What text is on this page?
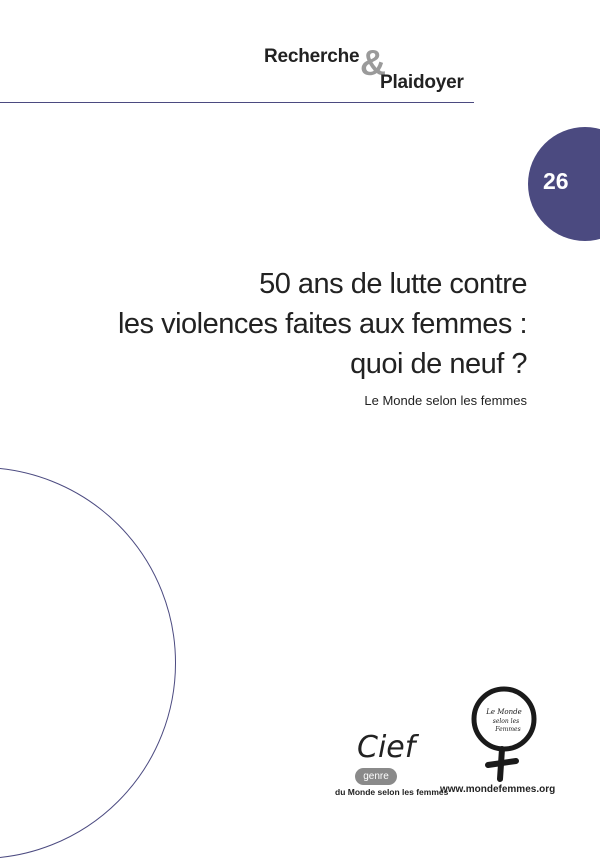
Recherche &
Plaidoyer
26
50 ans de lutte contre
les violences faites aux femmes :
quoi de neuf ?
Le Monde selon les femmes
Cief
genre
du Monde selon les femmes
Le Monde
selon les
Femmes
www.mondefemmes.org
